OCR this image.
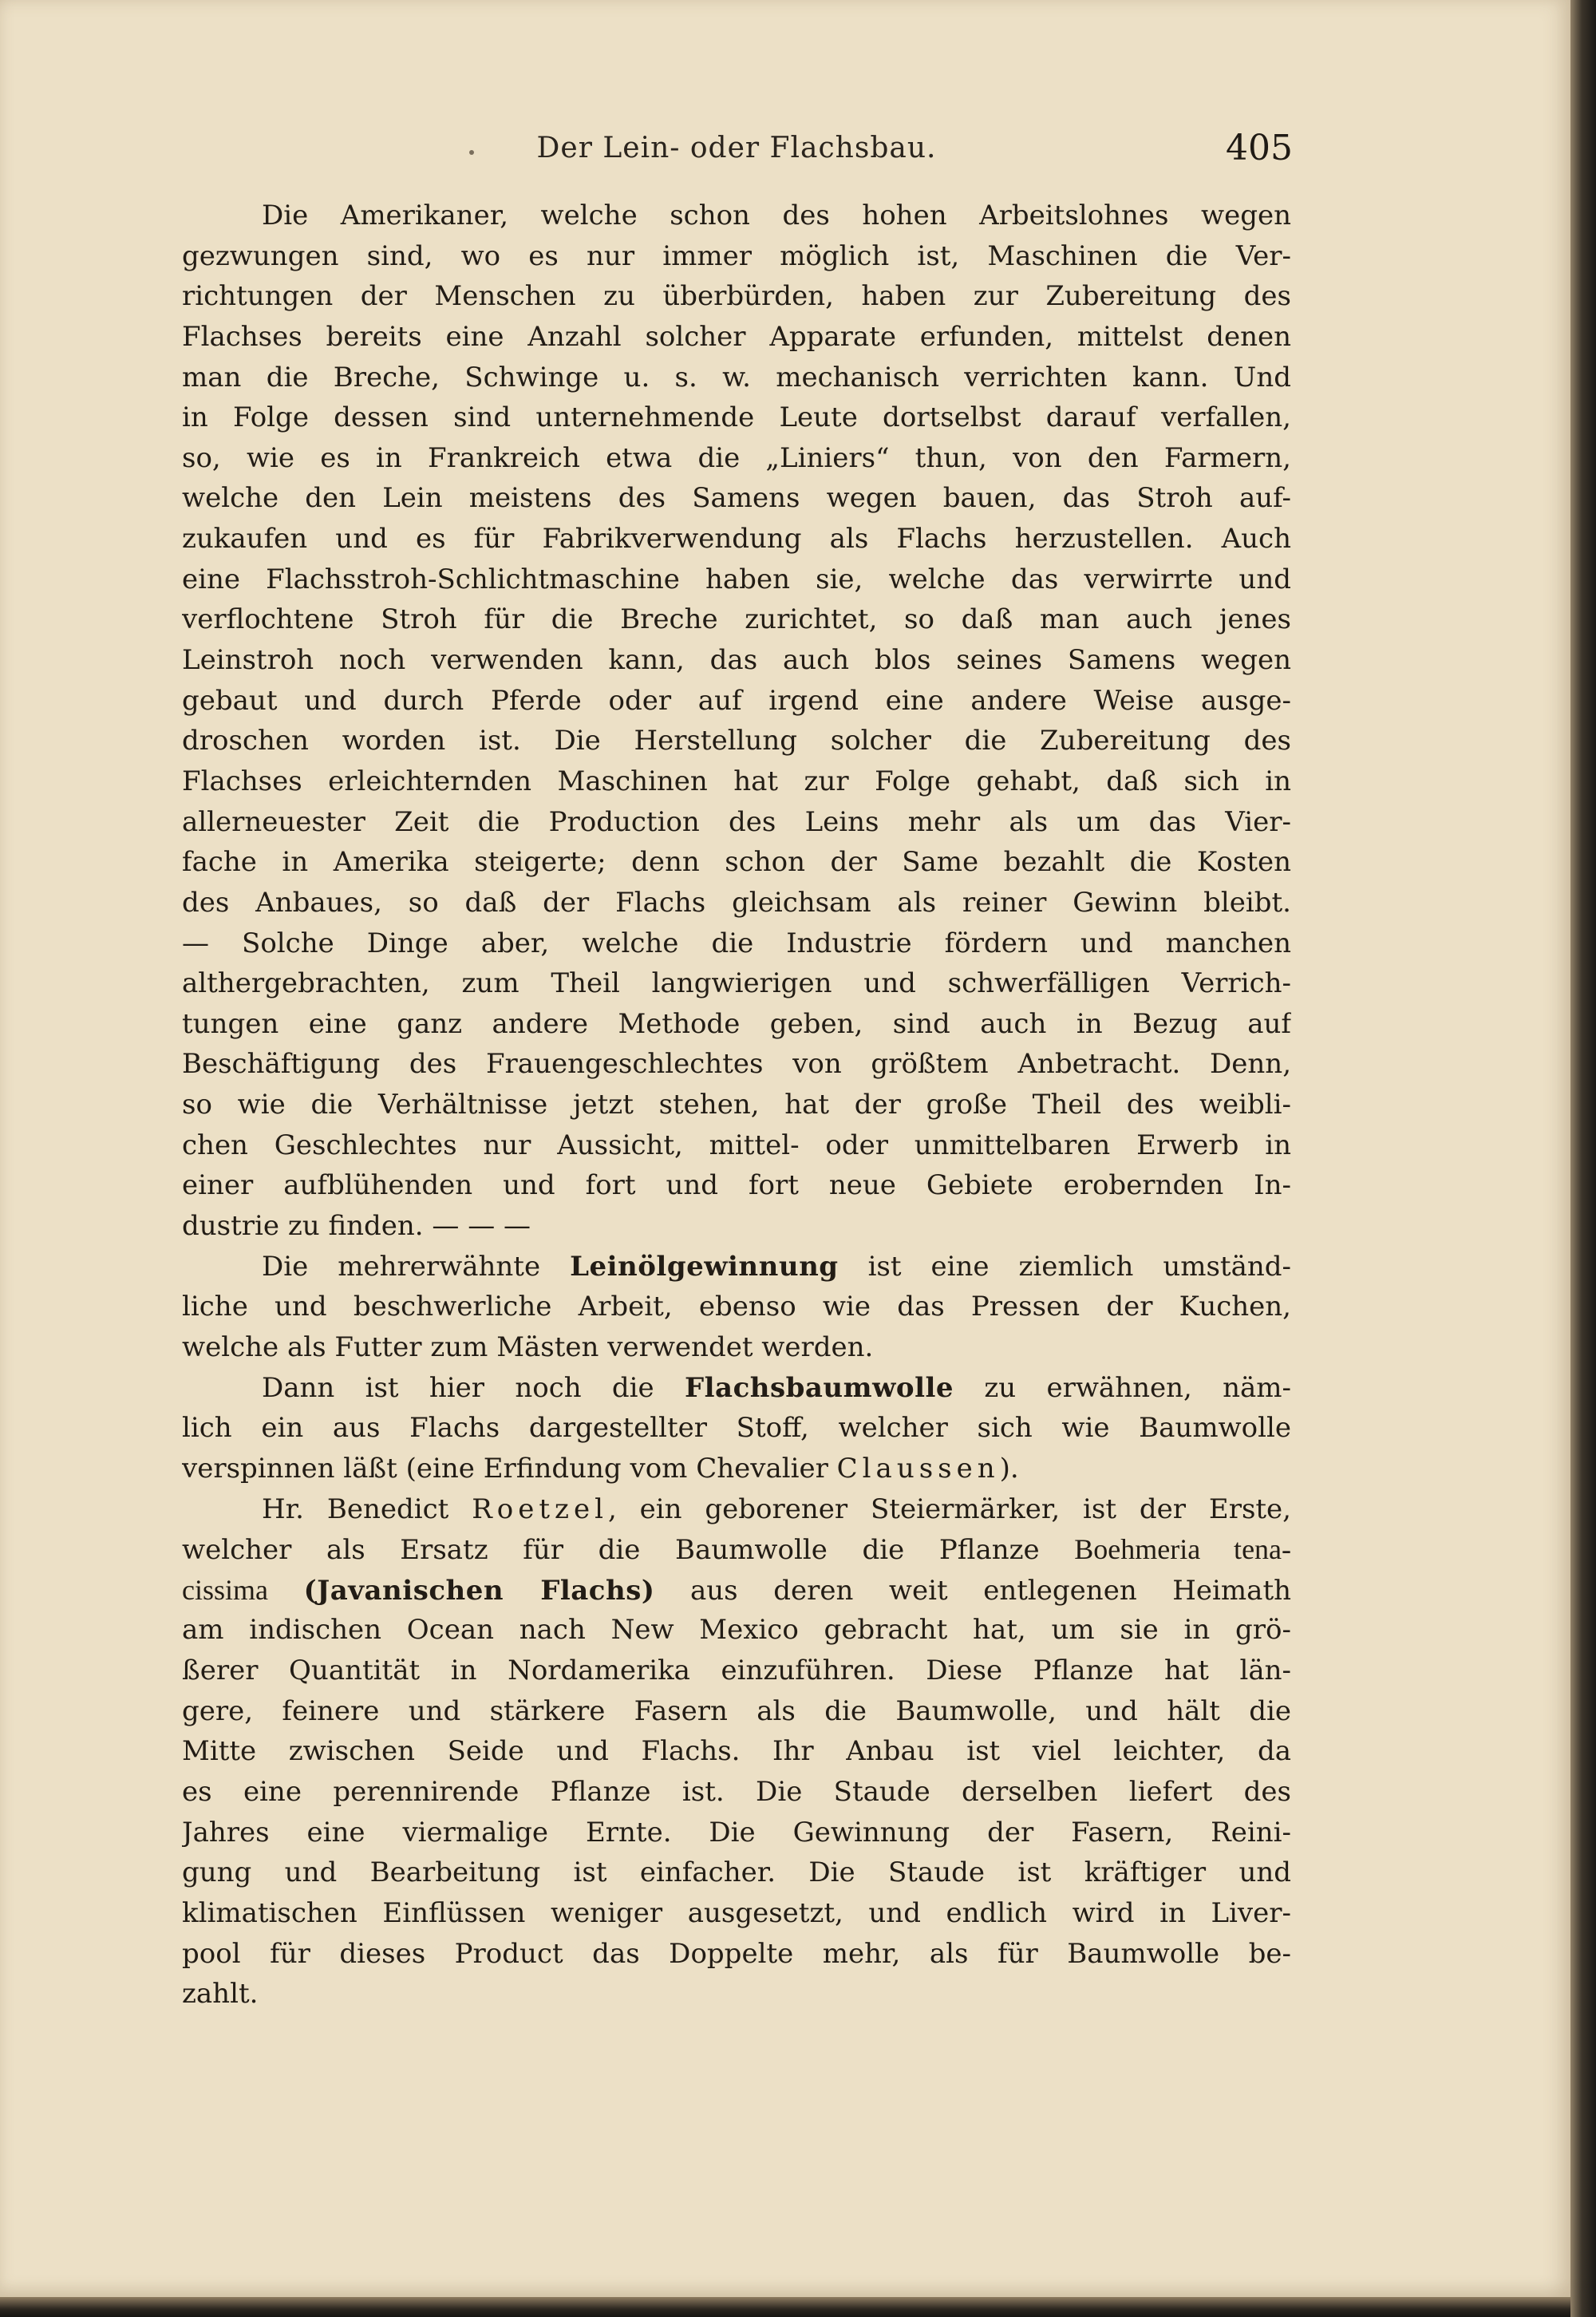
Der Lein- oder Flachsbau.	405
Die Amerikaner, welche schon des hohen Arbeitslohnes wegen
gezwungen sind, wo es nur immer möglich ist, Maschinen die Ver-
richtungen der Menschen zu überbürden, haben zur Zubereitung des
Flachses bereits eine Anzahl solcher Apparate erfunden, mittelst denen
man die Breche, Schwinge u. s. w. mechanisch verrichten kann. Und
in Folge dessen sind unternehmende Leute dortselbst darauf verfallen,
so, wie es in Frankreich etwa die „Liniers“ thun, von den Farmern,
welche den Lein meistens des Samens wegen bauen, das Stroh auf-
zukaufen und es für Fabrikverwendung als Flachs herzustellen. Auch
eine Flachsstroh-Schlichtmaschine haben sie, welche das verwirrte und
verflochtene Stroh für die Breche zurichtet, so daß man auch jenes
Leinstroh noch verwenden kann, das auch blos seines Samens wegen
gebaut und durch Pferde oder auf irgend eine andere Weise ausge-
droschen worden ist. Die Herstellung solcher die Zubereitung des
Flachses erleichternden Maschinen hat zur Folge gehabt, daß sich in
allerneuester Zeit die Production des Leins mehr als um das Vier-
fache in Amerika steigerte; denn schon der Same bezahlt die Kosten
des Anbaues, so daß der Flachs gleichsam als reiner Gewinn bleibt.
— Solche Dinge aber, welche die Industrie fördern und manchen
althergebrachten, zum Theil langwierigen und schwerfälligen Verrich-
tungen eine ganz andere Methode geben, sind auch in Bezug auf
Beschäftigung des Frauengeschlechtes von größtem Anbetracht. Denn,
so wie die Verhältnisse jetzt stehen, hat der große Theil des weibli-
chen Geschlechtes nur Aussicht, mittel- oder unmittelbaren Erwerb in
einer aufblühenden und fort und fort neue Gebiete erobernden In-
dustrie zu finden. — — —
Die mehrerwähnte Leinölgewinnung ist eine ziemlich umständ-
liche und beschwerliche Arbeit, ebenso wie das Pressen der Kuchen,
welche als Futter zum Mästen verwendet werden.
Dann ist hier noch die Flachsbaumwolle zu erwähnen, näm-
lich ein aus Flachs dargestellter Stoff, welcher sich wie Baumwolle
verspinnen läßt (eine Erfindung vom Chevalier Claussen).
Hr. Benedict Roetzel, ein geborener Steiermärker, ist der Erste,
welcher als Ersatz für die Baumwolle die Pflanze Boehmeria tena-
cissima (Javanischen Flachs) aus deren weit entlegenen Heimath
am indischen Ocean nach New Mexico gebracht hat, um sie in grö-
ßerer Quantität in Nordamerika einzuführen. Diese Pflanze hat län-
gere, feinere und stärkere Fasern als die Baumwolle, und hält die
Mitte zwischen Seide und Flachs. Ihr Anbau ist viel leichter, da
es eine perennirende Pflanze ist. Die Staude derselben liefert des
Jahres eine viermalige Ernte. Die Gewinnung der Fasern, Reini-
gung und Bearbeitung ist einfacher. Die Staude ist kräftiger und
klimatischen Einflüssen weniger ausgesetzt, und endlich wird in Liver-
pool für dieses Product das Doppelte mehr, als für Baumwolle be-
zahlt.
